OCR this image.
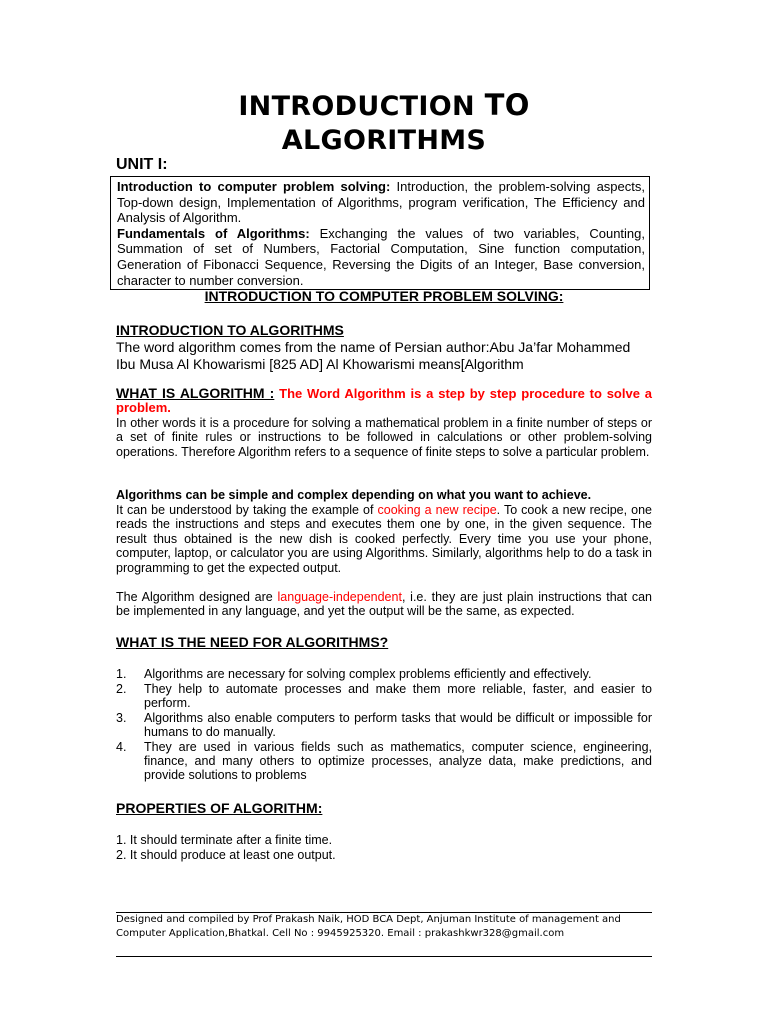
INTRODUCTION TO
ALGORITHMS
UNIT I:
Introduction to computer problem solving: Introduction, the problem-solving aspects, Top-down design, Implementation of Algorithms, program verification, The Efficiency and Analysis of Algorithm.
Fundamentals of Algorithms: Exchanging the values of two variables, Counting, Summation of set of Numbers, Factorial Computation, Sine function computation, Generation of Fibonacci Sequence, Reversing the Digits of an Integer, Base conversion, character to number conversion.
INTRODUCTION TO COMPUTER PROBLEM SOLVING:
INTRODUCTION TO ALGORITHMS
The word algorithm comes from the name of Persian author:Abu Ja’far Mohammed Ibu Musa Al Khowarismi [825 AD] Al Khowarismi means[Algorithm
WHAT IS ALGORITHM : The Word Algorithm is a step by step procedure to solve a problem.
In other words it is a procedure for solving a mathematical problem in a finite number of steps or a set of finite rules or instructions to be followed in calculations or other problem-solving operations. Therefore Algorithm refers to a sequence of finite steps to solve a particular problem.
Algorithms can be simple and complex depending on what you want to achieve.
It can be understood by taking the example of cooking a new recipe. To cook a new recipe, one reads the instructions and steps and executes them one by one, in the given sequence. The result thus obtained is the new dish is cooked perfectly. Every time you use your phone, computer, laptop, or calculator you are using Algorithms. Similarly, algorithms help to do a task in programming to get the expected output.
The Algorithm designed are language-independent, i.e. they are just plain instructions that can be implemented in any language, and yet the output will be the same, as expected.
WHAT IS THE NEED FOR ALGORITHMS?
1. Algorithms are necessary for solving complex problems efficiently and effectively.
2. They help to automate processes and make them more reliable, faster, and easier to perform.
3. Algorithms also enable computers to perform tasks that would be difficult or impossible for humans to do manually.
4. They are used in various fields such as mathematics, computer science, engineering, finance, and many others to optimize processes, analyze data, make predictions, and provide solutions to problems
PROPERTIES OF ALGORITHM:
1. It should terminate after a finite time.
2. It should produce at least one output.
Designed and compiled by Prof Prakash Naik, HOD BCA Dept, Anjuman Institute of management and Computer Application,Bhatkal. Cell No : 9945925320. Email : prakashkwr328@gmail.com
